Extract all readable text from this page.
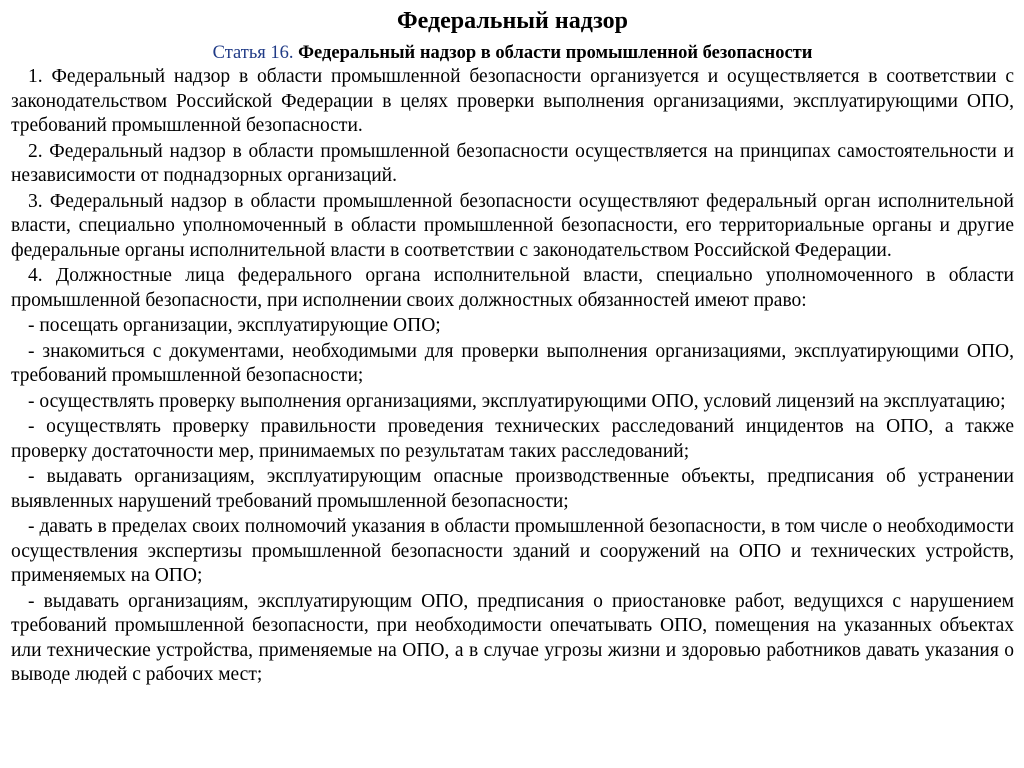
Федеральный надзор
Статья 16. Федеральный надзор в области промышленной безопасности

1. Федеральный надзор в области промышленной безопасности организуется и осуществляется в соответствии с законодательством Российской Федерации в целях проверки выполнения организациями, эксплуатирующими ОПО, требований промышленной безопасности.

2. Федеральный надзор в области промышленной безопасности осуществляется на принципах самостоятельности и независимости от поднадзорных организаций.

3. Федеральный надзор в области промышленной безопасности осуществляют федеральный орган исполнительной власти, специально уполномоченный в области промышленной безопасности, его территориальные органы и другие федеральные органы исполнительной власти в соответствии с законодательством Российской Федерации.

4. Должностные лица федерального органа исполнительной власти, специально уполномоченного в области промышленной безопасности, при исполнении своих должностных обязанностей имеют право:

- посещать организации, эксплуатирующие ОПО;

- знакомиться с документами, необходимыми для проверки выполнения организациями, эксплуатирующими ОПО, требований промышленной безопасности;

- осуществлять проверку выполнения организациями, эксплуатирующими ОПО, условий лицензий на эксплуатацию;

- осуществлять проверку правильности проведения технических расследований инцидентов на ОПО, а также проверку достаточности мер, принимаемых по результатам таких расследований;

- выдавать организациям, эксплуатирующим опасные производственные объекты, предписания об устранении выявленных нарушений требований промышленной безопасности;

- давать в пределах своих полномочий указания в области промышленной безопасности, в том числе о необходимости осуществления экспертизы промышленной безопасности зданий и сооружений на ОПО и технических устройств, применяемых на ОПО;

- выдавать организациям, эксплуатирующим ОПО, предписания о приостановке работ, ведущихся с нарушением требований промышленной безопасности, при необходимости опечатывать ОПО, помещения на указанных объектах или технические устройства, применяемые на ОПО, а в случае угрозы жизни и здоровью работников давать указания о выводе людей с рабочих мест;
